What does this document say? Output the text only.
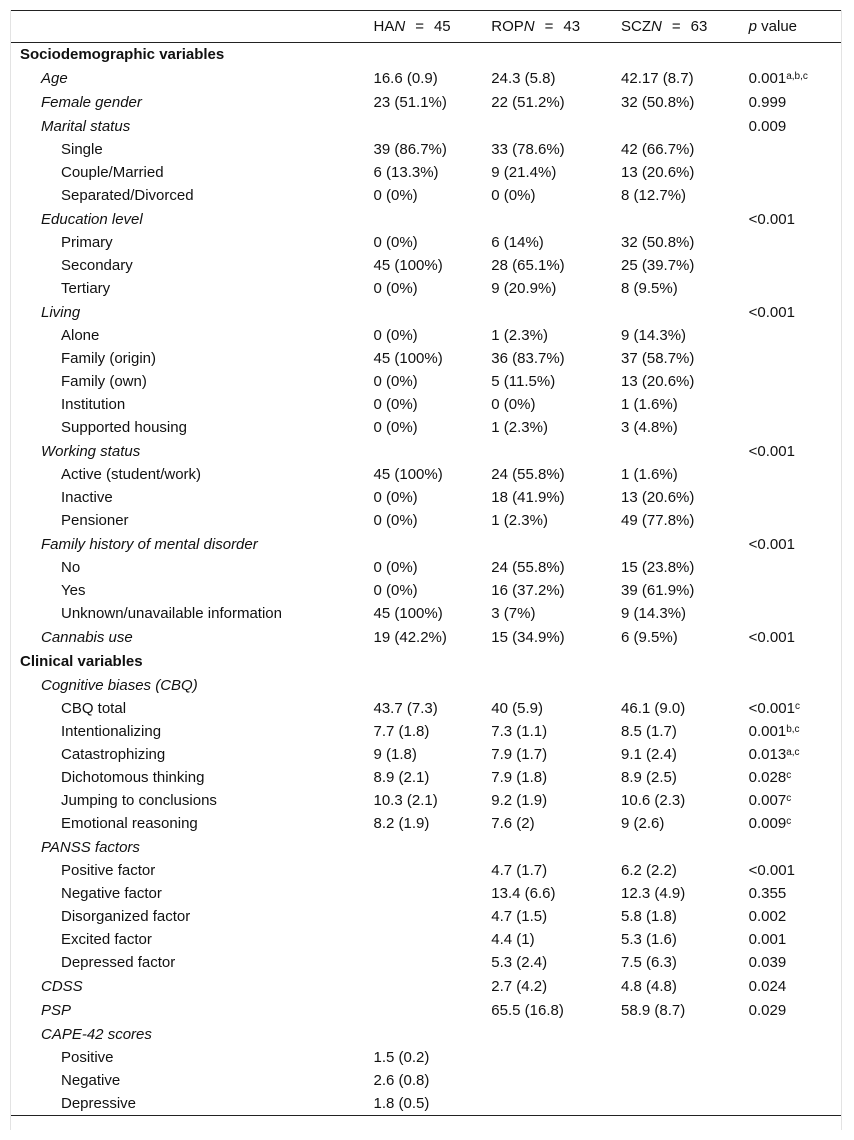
	HAN = 45	ROPN = 43	SCZN = 63	p value
Sociodemographic variables				
Age	16.6 (0.9)	24.3 (5.8)	42.17 (8.7)	0.001$^{a,b,c}$
Female gender	23 (51.1%)	22 (51.2%)	32 (50.8%)	0.999
Marital status				0.009
Single	39 (86.7%)	33 (78.6%)	42 (66.7%)	
Couple/Married	6 (13.3%)	9 (21.4%)	13 (20.6%)	
Separated/Divorced	0 (0%)	0 (0%)	8 (12.7%)	
Education level				<0.001
Primary	0 (0%)	6 (14%)	32 (50.8%)	
Secondary	45 (100%)	28 (65.1%)	25 (39.7%)	
Tertiary	0 (0%)	9 (20.9%)	8 (9.5%)	
Living				<0.001
Alone	0 (0%)	1 (2.3%)	9 (14.3%)	
Family (origin)	45 (100%)	36 (83.7%)	37 (58.7%)	
Family (own)	0 (0%)	5 (11.5%)	13 (20.6%)	
Institution	0 (0%)	0 (0%)	1 (1.6%)	
Supported housing	0 (0%)	1 (2.3%)	3 (4.8%)	
Working status				<0.001
Active (student/work)	45 (100%)	24 (55.8%)	1 (1.6%)	
Inactive	0 (0%)	18 (41.9%)	13 (20.6%)	
Pensioner	0 (0%)	1 (2.3%)	49 (77.8%)	
Family history of mental disorder				<0.001
No	0 (0%)	24 (55.8%)	15 (23.8%)	
Yes	0 (0%)	16 (37.2%)	39 (61.9%)	
Unknown/unavailable information	45 (100%)	3 (7%)	9 (14.3%)	
Cannabis use	19 (42.2%)	15 (34.9%)	6 (9.5%)	<0.001
Clinical variables				
Cognitive biases (CBQ)				
CBQ total	43.7 (7.3)	40 (5.9)	46.1 (9.0)	<0.001$^c$
Intentionalizing	7.7 (1.8)	7.3 (1.1)	8.5 (1.7)	0.001$^{b,c}$
Catastrophizing	9 (1.8)	7.9 (1.7)	9.1 (2.4)	0.013$^{a,c}$
Dichotomous thinking	8.9 (2.1)	7.9 (1.8)	8.9 (2.5)	0.028$^c$
Jumping to conclusions	10.3 (2.1)	9.2 (1.9)	10.6 (2.3)	0.007$^c$
Emotional reasoning	8.2 (1.9)	7.6 (2)	9 (2.6)	0.009$^c$
PANSS factors				
Positive factor		4.7 (1.7)	6.2 (2.2)	<0.001
Negative factor		13.4 (6.6)	12.3 (4.9)	0.355
Disorganized factor		4.7 (1.5)	5.8 (1.8)	0.002
Excited factor		4.4 (1)	5.3 (1.6)	0.001
Depressed factor		5.3 (2.4)	7.5 (6.3)	0.039
CDSS		2.7 (4.2)	4.8 (4.8)	0.024
PSP		65.5 (16.8)	58.9 (8.7)	0.029
CAPE-42 scores				
Positive	1.5 (0.2)			
Negative	2.6 (0.8)			
Depressive	1.8 (0.5)			
